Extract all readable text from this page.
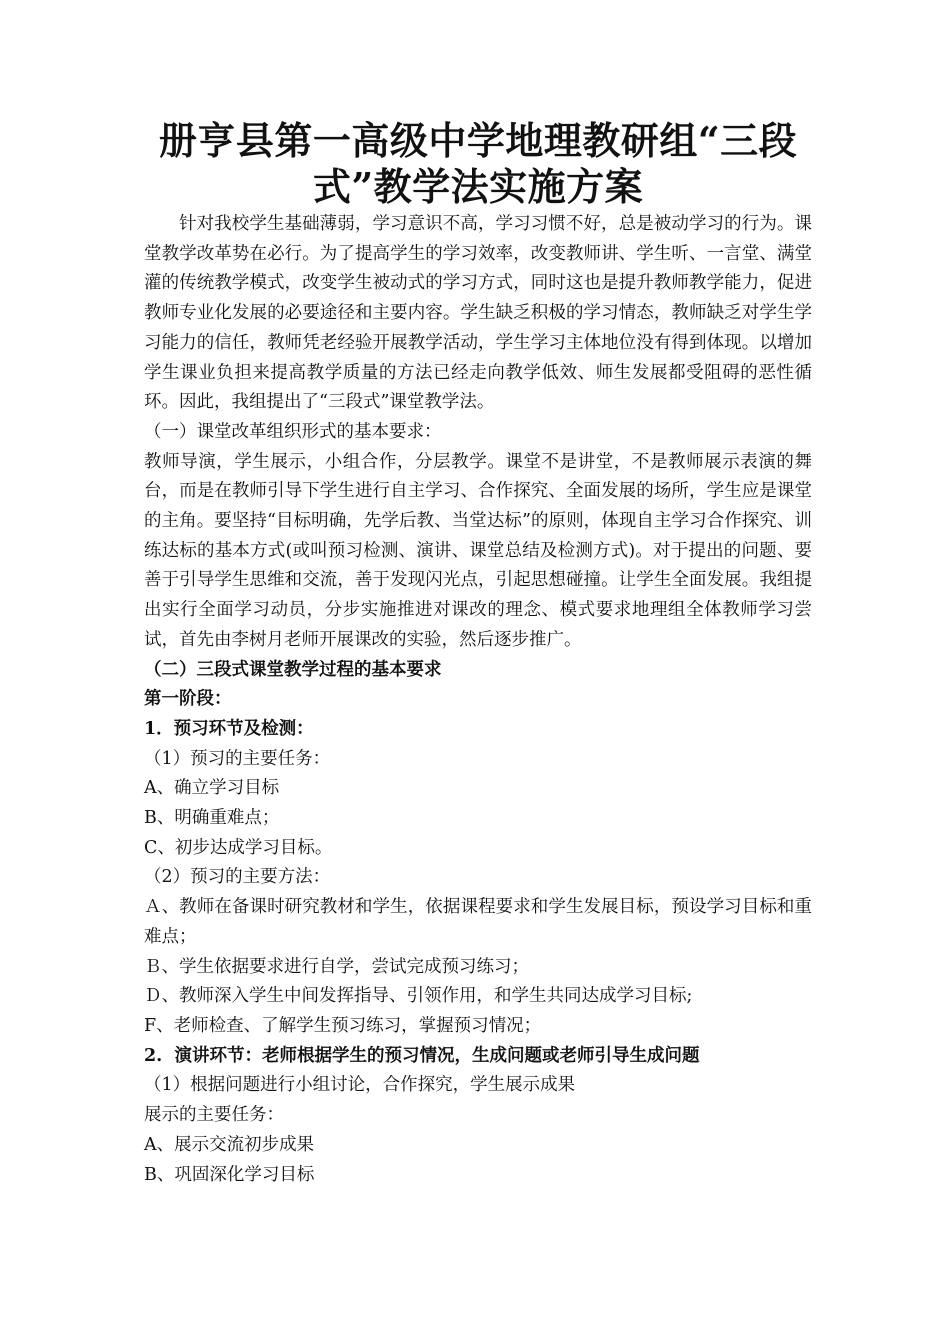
册亨县第一高级中学地理教研组“三段
式”教学法实施方案

针对我校学生基础薄弱，学习意识不高，学习习惯不好，总是被动学习的行为。课堂教学改革势在必行。为了提高学生的学习效率，改变教师讲、学生听、一言堂、满堂灌的传统教学模式，改变学生被动式的学习方式，同时这也是提升教师教学能力，促进教师专业化发展的必要途径和主要内容。学生缺乏积极的学习情态，教师缺乏对学生学习能力的信任，教师凭老经验开展教学活动，学生学习主体地位没有得到体现。以增加学生课业负担来提高教学质量的方法已经走向教学低效、师生发展都受阻碍的恶性循环。因此，我组提出了“三段式”课堂教学法。

（一）课堂改革组织形式的基本要求：

教师导演，学生展示，小组合作，分层教学。课堂不是讲堂，不是教师展示表演的舞台，而是在教师引导下学生进行自主学习、合作探究、全面发展的场所，学生应是课堂的主角。要坚持“目标明确，先学后教、当堂达标”的原则，体现自主学习合作探究、训练达标的基本方式(或叫预习检测、演讲、课堂总结及检测方式)。对于提出的问题、要善于引导学生思维和交流，善于发现闪光点，引起思想碰撞。让学生全面发展。我组提出实行全面学习动员，分步实施推进对课改的理念、模式要求地理组全体教师学习尝试，首先由李树月老师开展课改的实验，然后逐步推广。

（二）三段式课堂教学过程的基本要求

第一阶段：

1．预习环节及检测：

（1）预习的主要任务：

A、确立学习目标

B、明确重难点；

C、初步达成学习目标。

（2）预习的主要方法：

Ａ、教师在备课时研究教材和学生，依据课程要求和学生发展目标，预设学习目标和重难点；

Ｂ、学生依据要求进行自学，尝试完成预习练习；

Ｄ、教师深入学生中间发挥指导、引领作用，和学生共同达成学习目标;

F、老师检查、了解学生预习练习，掌握预习情况；

2.  演讲环节：老师根据学生的预习情况，生成问题或老师引导生成问题

（1）根据问题进行小组讨论，合作探究，学生展示成果

展示的主要任务：

A、展示交流初步成果

B、巩固深化学习目标
